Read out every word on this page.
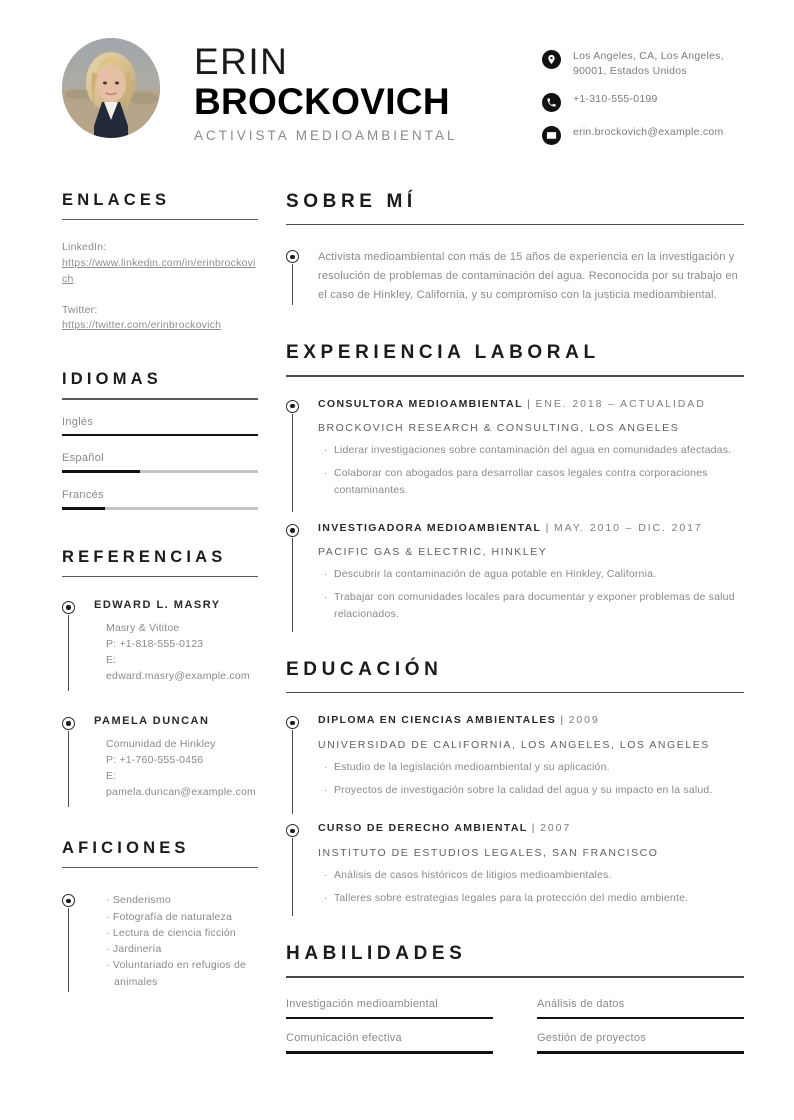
ERIN
BROCKOVICH
ACTIVISTA MEDIOAMBIENTAL
Los Angeles, CA, Los Angeles, 90001, Estados Unidos
+1-310-555-0199
erin.brockovich@example.com
ENLACES
LinkedIn:
https://www.linkedin.com/in/erinbrockovich
Twitter:
https://twitter.com/erinbrockovich
IDIOMAS
Inglés
Español
Francés
REFERENCIAS
EDWARD L. MASRY
Masry & Vititoe
P: +1-818-555-0123
E: edward.masry@example.com
PAMELA DUNCAN
Comunidad de Hinkley
P: +1-760-555-0456
E: pamela.duncan@example.com
AFICIONES
· Senderismo
· Fotografía de naturaleza
· Lectura de ciencia ficción
· Jardinería
· Voluntariado en refugios de animales
SOBRE MÍ
Activista medioambiental con más de 15 años de experiencia en la investigación y resolución de problemas de contaminación del agua. Reconocida por su trabajo en el caso de Hinkley, California, y su compromiso con la justicia medioambiental.
EXPERIENCIA LABORAL
CONSULTORA MEDIOAMBIENTAL | ENE. 2018 – ACTUALIDAD
BROCKOVICH RESEARCH & CONSULTING, LOS ANGELES
·  Liderar investigaciones sobre contaminación del agua en comunidades afectadas.
·  Colaborar con abogados para desarrollar casos legales contra corporaciones contaminantes.
INVESTIGADORA MEDIOAMBIENTAL | MAY. 2010 – DIC. 2017
PACIFIC GAS & ELECTRIC, HINKLEY
·  Descubrir la contaminación de agua potable en Hinkley, California.
·  Trabajar con comunidades locales para documentar y exponer problemas de salud relacionados.
EDUCACIÓN
DIPLOMA EN CIENCIAS AMBIENTALES | 2009
UNIVERSIDAD DE CALIFORNIA, LOS ANGELES, LOS ANGELES
·  Estudio de la legislación medioambiental y su aplicación.
·  Proyectos de investigación sobre la calidad del agua y su impacto en la salud.
CURSO DE DERECHO AMBIENTAL | 2007
INSTITUTO DE ESTUDIOS LEGALES, SAN FRANCISCO
·  Análisis de casos históricos de litigios medioambientales.
·  Talleres sobre estrategias legales para la protección del medio ambiente.
HABILIDADES
Investigación medioambiental	Análisis de datos
Comunicación efectiva	Gestión de proyectos
